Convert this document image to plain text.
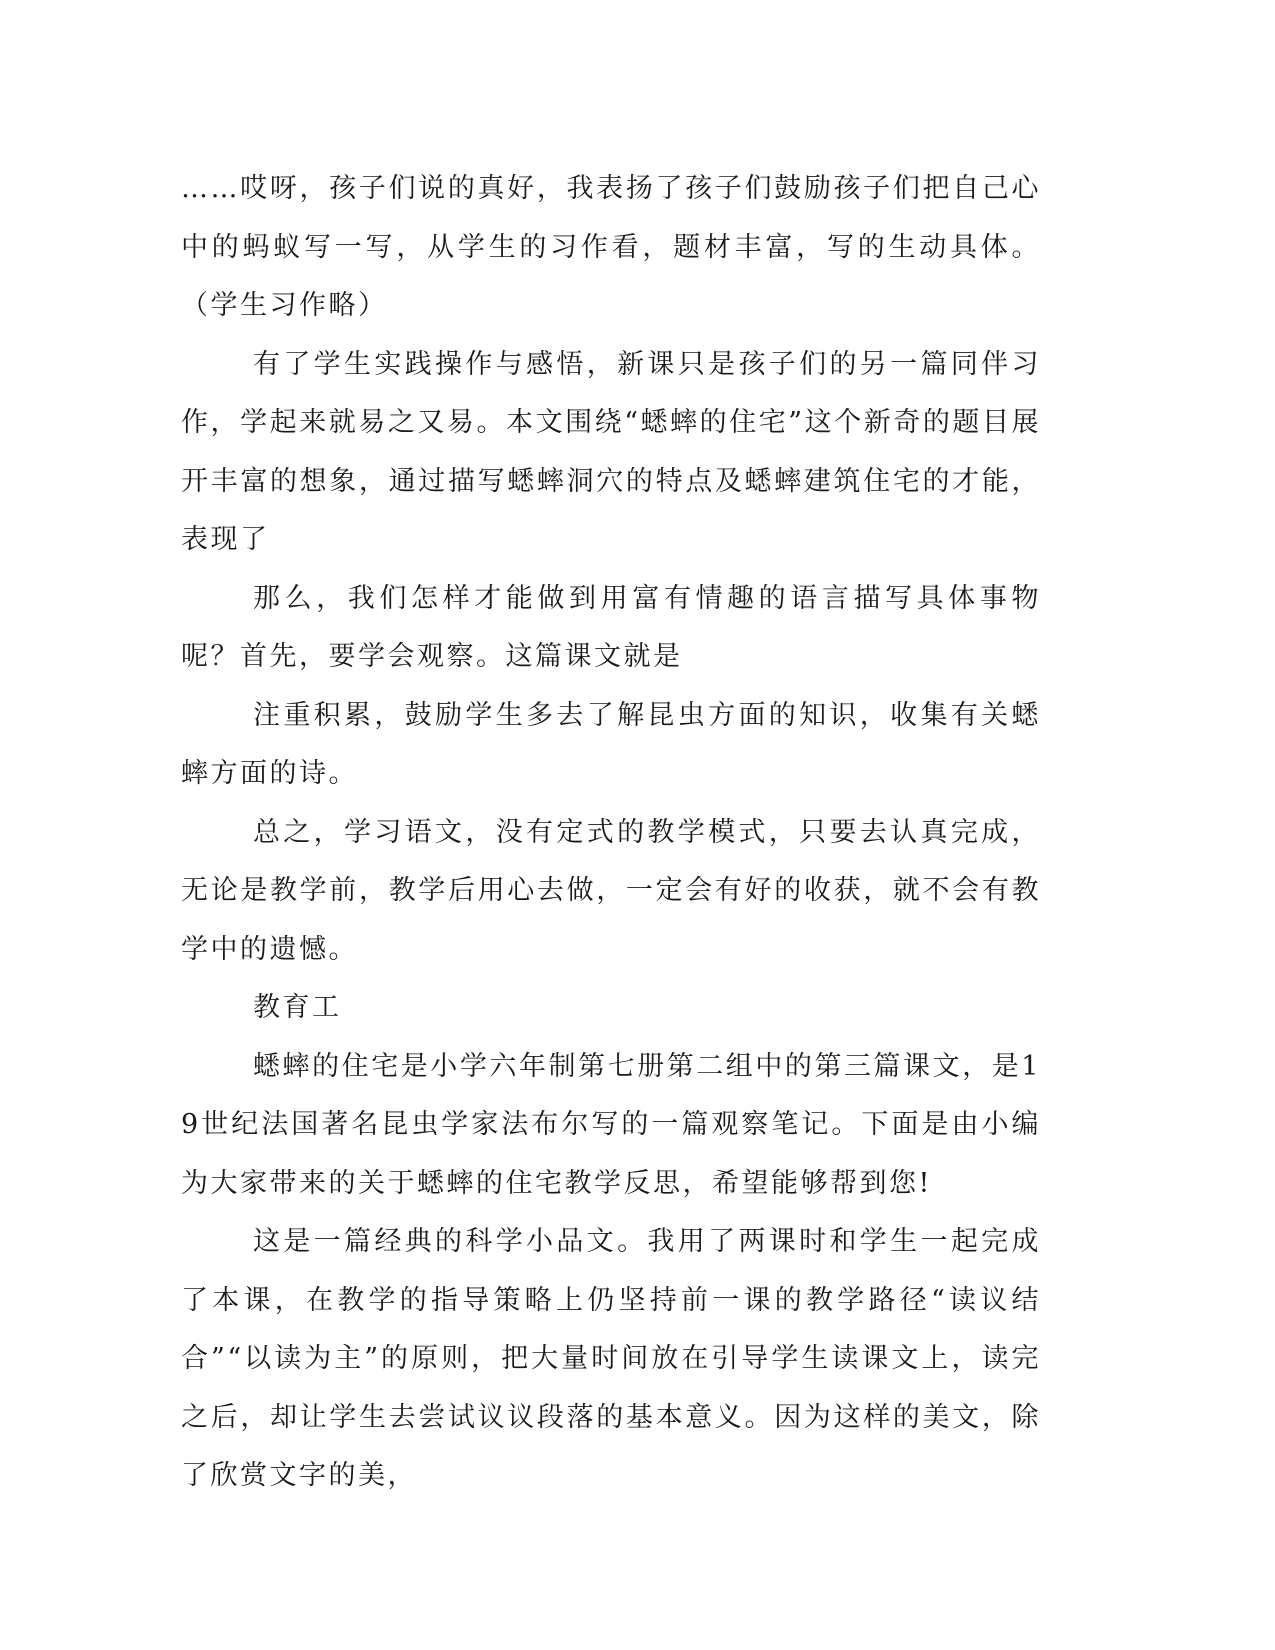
……哎呀，孩子们说的真好，我表扬了孩子们鼓励孩子们把自己心中的蚂蚁写一写，从学生的习作看，题材丰富，写的生动具体。（学生习作略）

有了学生实践操作与感悟，新课只是孩子们的另一篇同伴习作，学起来就易之又易。本文围绕“蟋蟀的住宅”这个新奇的题目展开丰富的想象，通过描写蟋蟀洞穴的特点及蟋蟀建筑住宅的才能，表现了

那么，我们怎样才能做到用富有情趣的语言描写具体事物呢？首先，要学会观察。这篇课文就是

注重积累，鼓励学生多去了解昆虫方面的知识，收集有关蟋蟀方面的诗。

总之，学习语文，没有定式的教学模式，只要去认真完成，无论是教学前，教学后用心去做，一定会有好的收获，就不会有教学中的遗憾。

教育工

蟋蟀的住宅是小学六年制第七册第二组中的第三篇课文，是19世纪法国著名昆虫学家法布尔写的一篇观察笔记。下面是由小编为大家带来的关于蟋蟀的住宅教学反思，希望能够帮到您!

这是一篇经典的科学小品文。我用了两课时和学生一起完成了本课，在教学的指导策略上仍坚持前一课的教学路径“读议结合”“以读为主”的原则，把大量时间放在引导学生读课文上，读完之后，却让学生去尝试议议段落的基本意义。因为这样的美文，除了欣赏文字的美，
